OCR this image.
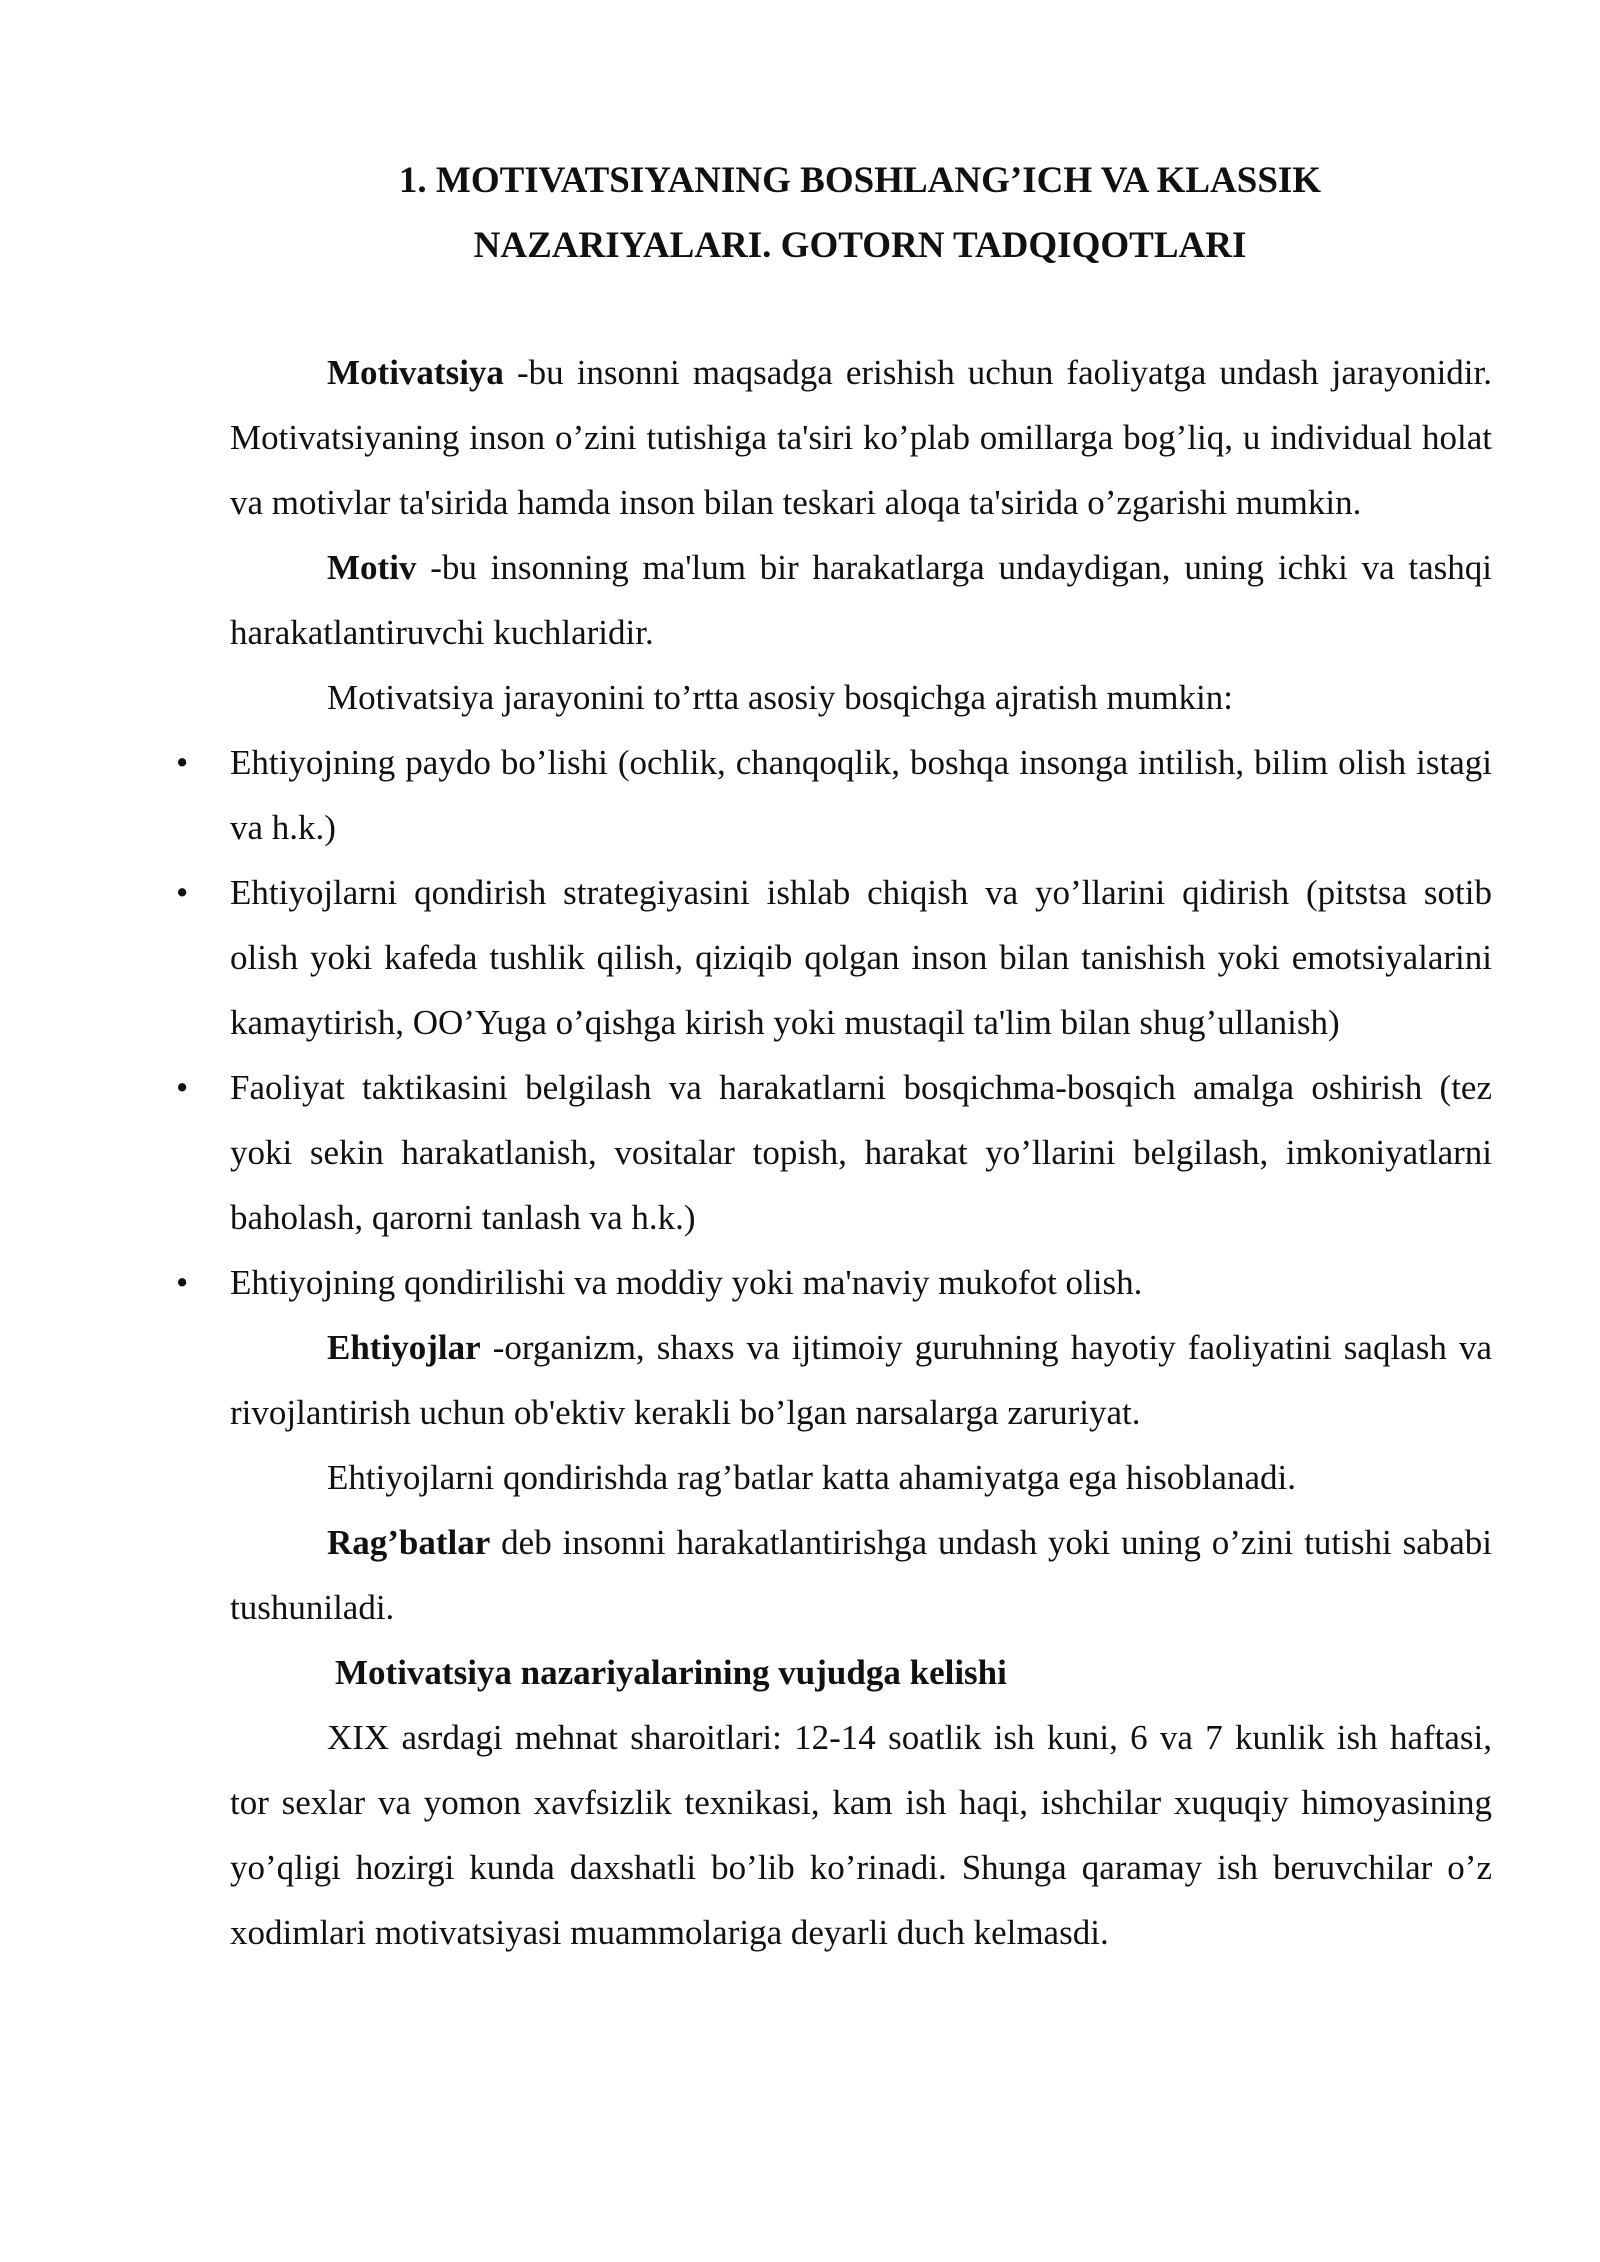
1. MOTIVATSIYANING BOSHLANG’ICH VA KLASSIK
NAZARIYALARI. GOTORN TADQIQOTLARI

Motivatsiya -bu insonni maqsadga erishish uchun faoliyatga undash jarayonidir. Motivatsiyaning inson o’zini tutishiga ta'siri ko’plab omillarga bog’liq, u individual holat va motivlar ta'sirida hamda inson bilan teskari aloqa ta'sirida o’zgarishi mumkin.

Motiv -bu insonning ma'lum bir harakatlarga undaydigan, uning ichki va tashqi harakatlantiruvchi kuchlaridir.

Motivatsiya jarayonini to’rtta asosiy bosqichga ajratish mumkin:

• Ehtiyojning paydo bo’lishi (ochlik, chanqoqlik, boshqa insonga intilish, bilim olish istagi va h.k.)
• Ehtiyojlarni qondirish strategiyasini ishlab chiqish va yo’llarini qidirish (pitstsa sotib olish yoki kafeda tushlik qilish, qiziqib qolgan inson bilan tanishish yoki emotsiyalarini kamaytirish, OO’Yuga o’qishga kirish yoki mustaqil ta'lim bilan shug’ullanish)
• Faoliyat taktikasini belgilash va harakatlarni bosqichma-bosqich amalga oshirish (tez yoki sekin harakatlanish, vositalar topish, harakat yo’llarini belgilash, imkoniyatlarni baholash, qarorni tanlash va h.k.)
• Ehtiyojning qondirilishi va moddiy yoki ma'naviy mukofot olish.

Ehtiyojlar -organizm, shaxs va ijtimoiy guruhning hayotiy faoliyatini saqlash va rivojlantirish uchun ob'ektiv kerakli bo’lgan narsalarga zaruriyat.

Ehtiyojlarni qondirishda rag’batlar katta ahamiyatga ega hisoblanadi.

Rag’batlar deb insonni harakatlantirishga undash yoki uning o’zini tutishi sababi tushuniladi.

Motivatsiya nazariyalarining vujudga kelishi

XIX asrdagi mehnat sharoitlari: 12-14 soatlik ish kuni, 6 va 7 kunlik ish haftasi, tor sexlar va yomon xavfsizlik texnikasi, kam ish haqi, ishchilar xuquqiy himoyasining yo’qligi hozirgi kunda daxshatli bo’lib ko’rinadi. Shunga qaramay ish beruvchilar o’z xodimlari motivatsiyasi muammolariga deyarli duch kelmasdi.
